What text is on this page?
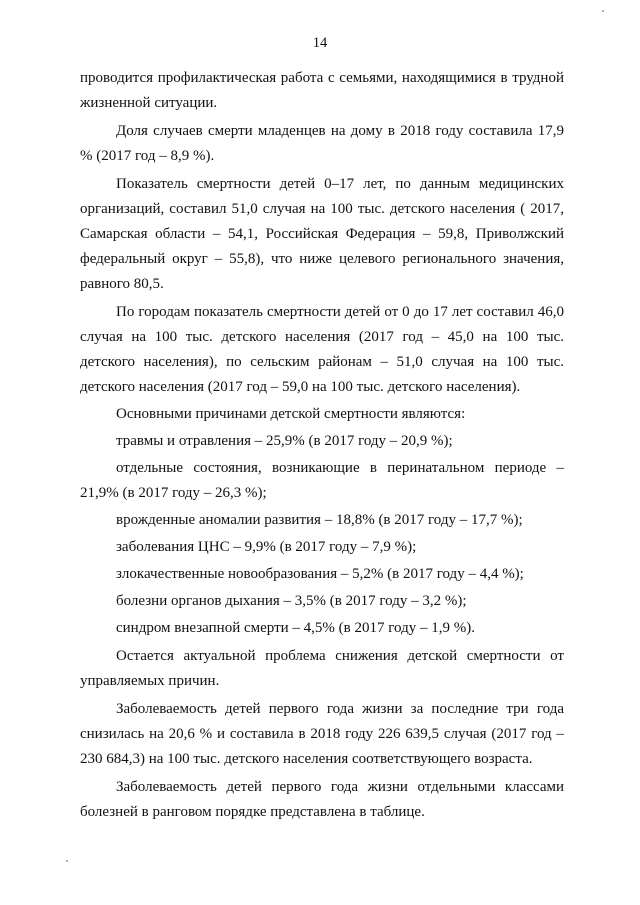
14

проводится профилактическая работа с семьями, находящимися в трудной жизненной ситуации.

Доля случаев смерти младенцев на дому в 2018 году составила 17,9 % (2017 год – 8,9 %).

Показатель смертности детей 0–17 лет, по данным медицинских организаций, составил 51,0 случая на 100 тыс. детского населения ( 2017, Самарская области – 54,1, Российская Федерация – 59,8, Приволжский федеральный округ – 55,8), что ниже целевого регионального значения, равного 80,5.

По городам показатель смертности детей от 0 до 17 лет составил 46,0 случая на 100 тыс. детского населения (2017 год – 45,0 на 100 тыс. детского населения), по сельским районам – 51,0 случая на 100 тыс. детского населения (2017 год – 59,0 на 100 тыс. детского населения).

Основными причинами детской смертности являются:

травмы и отравления – 25,9% (в 2017 году – 20,9 %);

отдельные состояния, возникающие в перинатальном периоде – 21,9% (в 2017 году – 26,3 %);

врожденные аномалии развития – 18,8% (в 2017 году – 17,7 %);

заболевания ЦНС – 9,9% (в 2017 году – 7,9 %);

злокачественные новообразования – 5,2% (в 2017 году – 4,4 %);

болезни органов дыхания – 3,5% (в 2017 году – 3,2 %);

синдром внезапной смерти – 4,5% (в 2017 году – 1,9 %).

Остается актуальной проблема снижения детской смертности от управляемых причин.

Заболеваемость детей первого года жизни за последние три года снизилась на 20,6 % и составила в 2018 году 226 639,5 случая (2017 год – 230 684,3) на 100 тыс. детского населения соответствующего возраста.

Заболеваемость детей первого года жизни отдельными классами болезней в ранговом порядке представлена в таблице.
